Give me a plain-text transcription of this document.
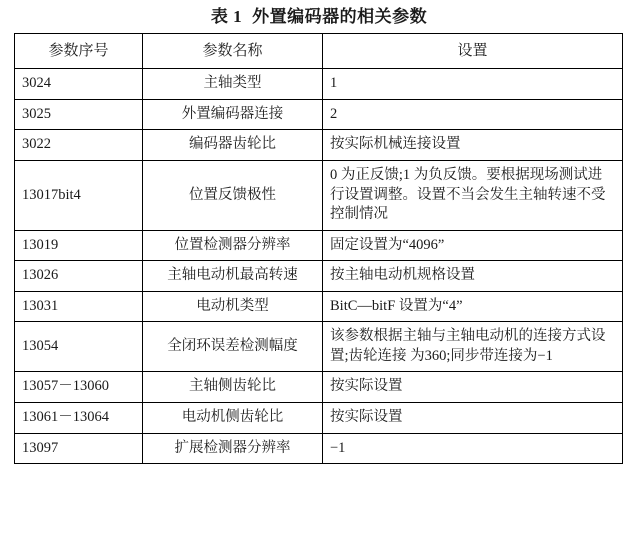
表 1 外置编码器的相关参数
参数序号	参数名称	设置
3024	主轴类型	1
3025	外置编码器连接	2
3022	编码器齿轮比	按实际机械连接设置
13017bit4	位置反馈极性	0 为正反馈;1 为负反馈。要根据现场测试进行设置调整。设置不当会发生主轴转速不受控制情况
13019	位置检测器分辨率	固定设置为“4096”
13026	主轴电动机最高转速	按主轴电动机规格设置
13031	电动机类型	BitC—bitF 设置为“4”
13054	全闭环误差检测幅度	该参数根据主轴与主轴电动机的连接方式设置;齿轮连接 为360;同步带连接为−1
13057－13060	主轴侧齿轮比	按实际设置
13061－13064	电动机侧齿轮比	按实际设置
13097	扩展检测器分辨率	−1
